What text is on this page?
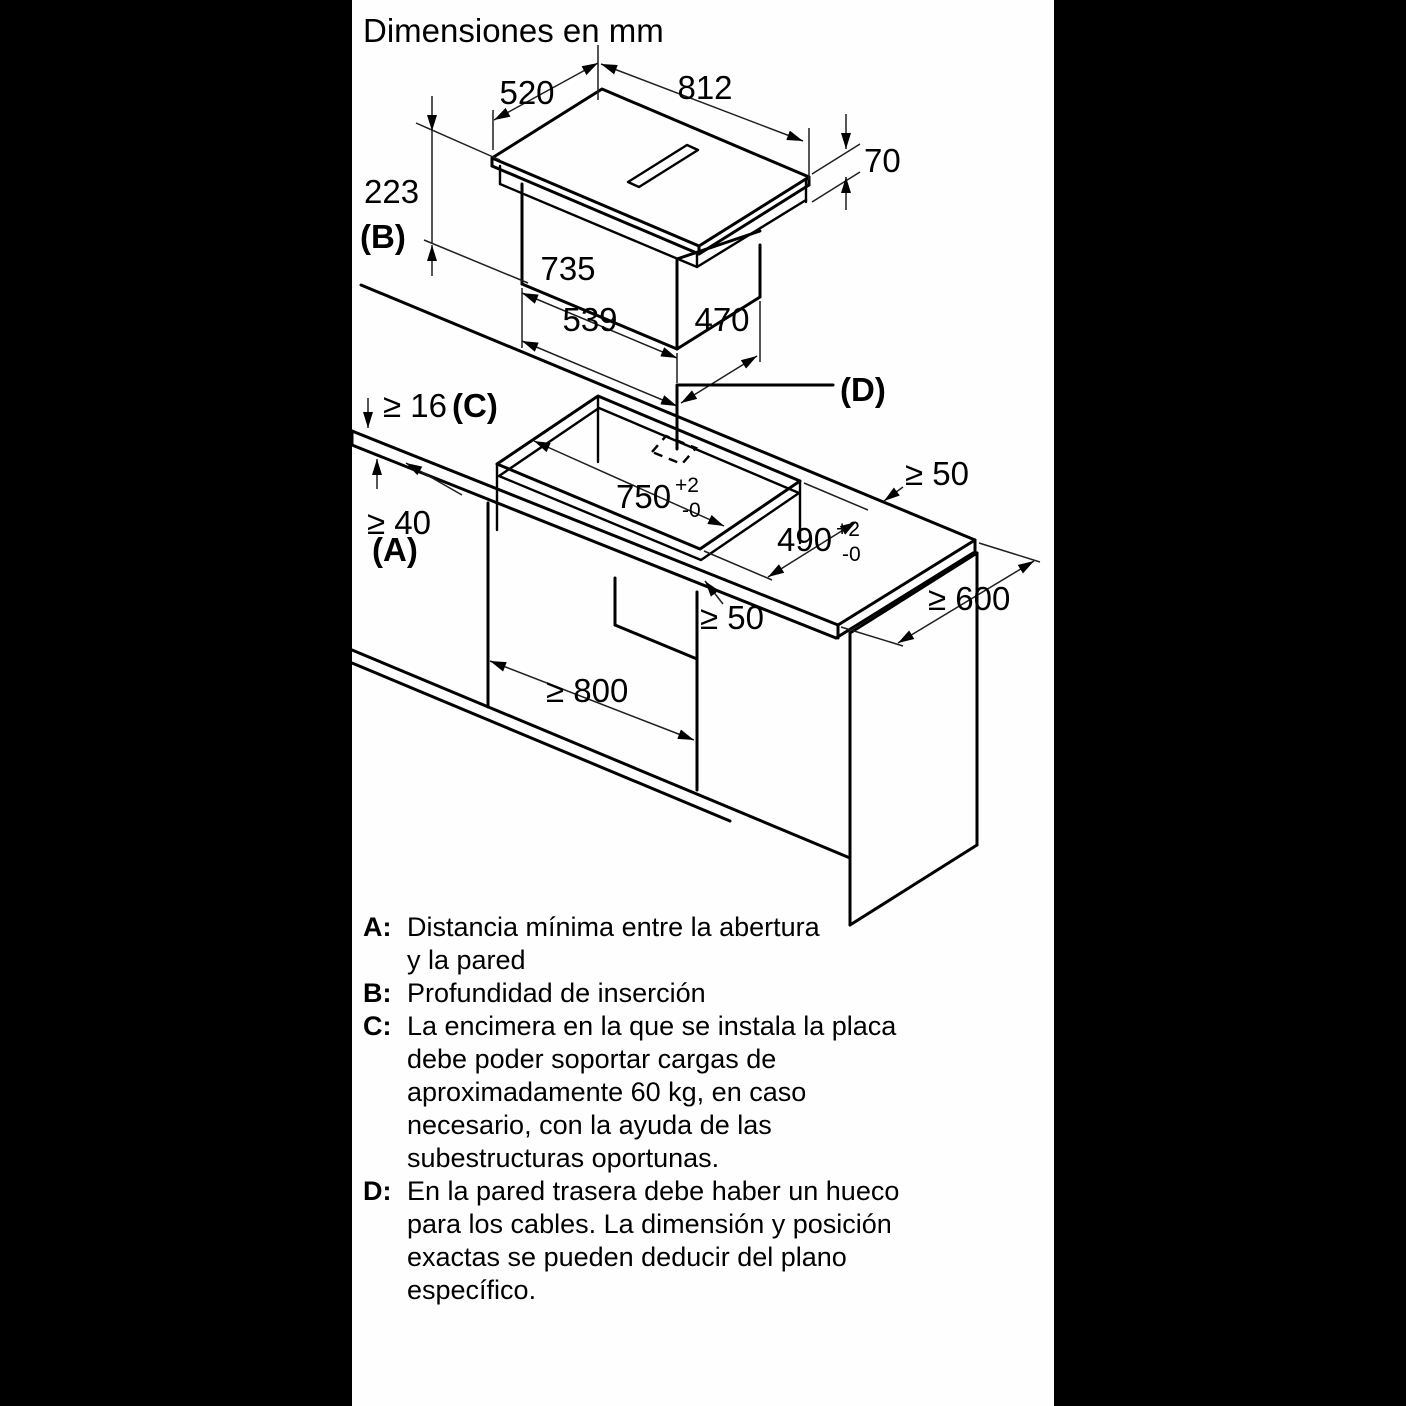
Dimensiones en mm
520	812
70
223
(B)
735
539 470
(D)
≥ 16 (C)
≥ 40
(A)
750 +2
-0
490 +2
-0
≥ 50
≥ 50
≥ 600
≥ 800
A: Distancia mínima entre la abertura
y la pared
B: Profundidad de inserción
C: La encimera en la que se instala la placa
debe poder soportar cargas de
aproximadamente 60 kg, en caso
necesario, con la ayuda de las
subestructuras oportunas.
D: En la pared trasera debe haber un hueco
para los cables. La dimensión y posición
exactas se pueden deducir del plano
específico.
